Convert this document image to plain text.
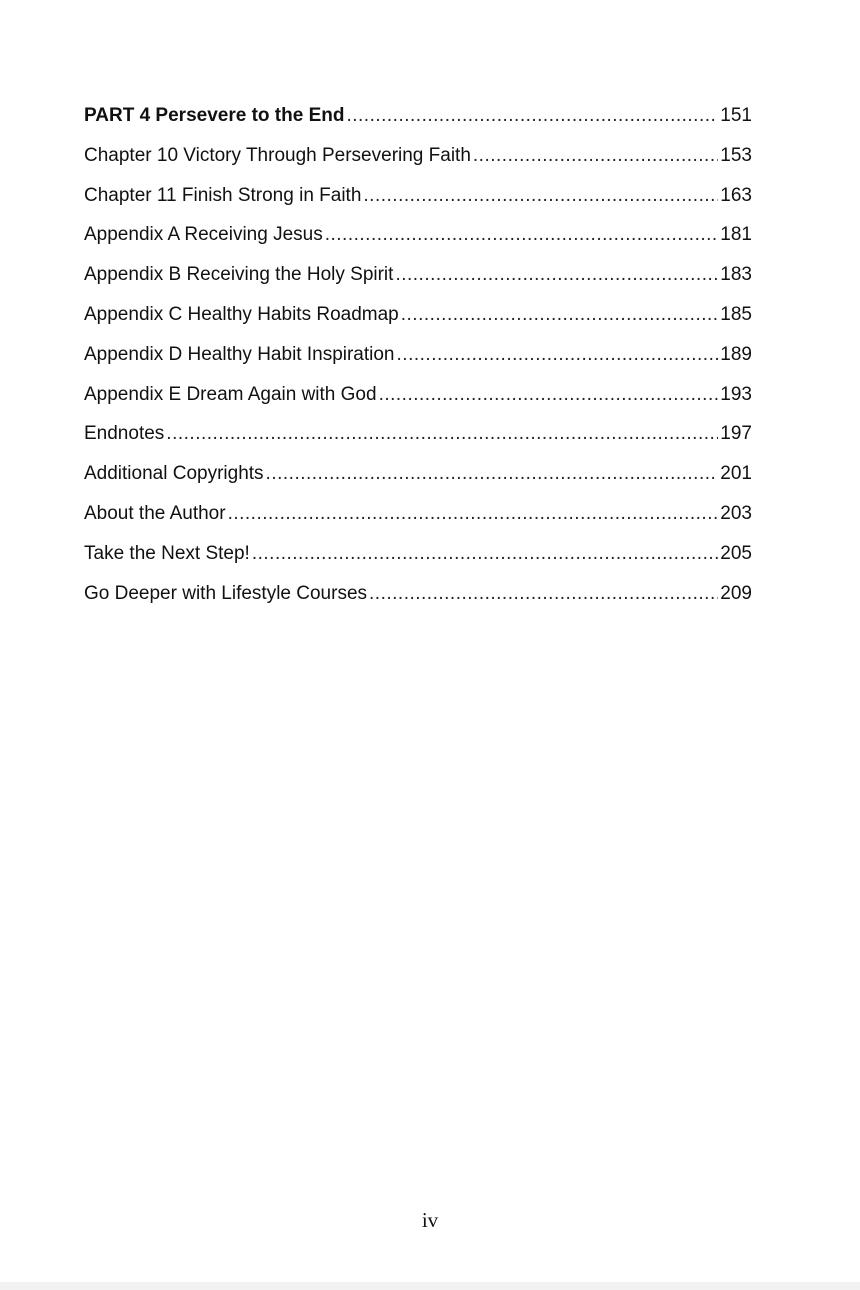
PART 4 Persevere to the End .....	151
Chapter 10 Victory Through Persevering Faith .....	153
Chapter 11 Finish Strong in Faith .....	163
Appendix A Receiving Jesus .....	181
Appendix B Receiving the Holy Spirit .....	183
Appendix C Healthy Habits Roadmap .....	185
Appendix D Healthy Habit Inspiration .....	189
Appendix E Dream Again with God .....	193
Endnotes .....	197
Additional Copyrights .....	201
About the Author .....	203
Take the Next Step! .....	205
Go Deeper with Lifestyle Courses .....	209
iv
